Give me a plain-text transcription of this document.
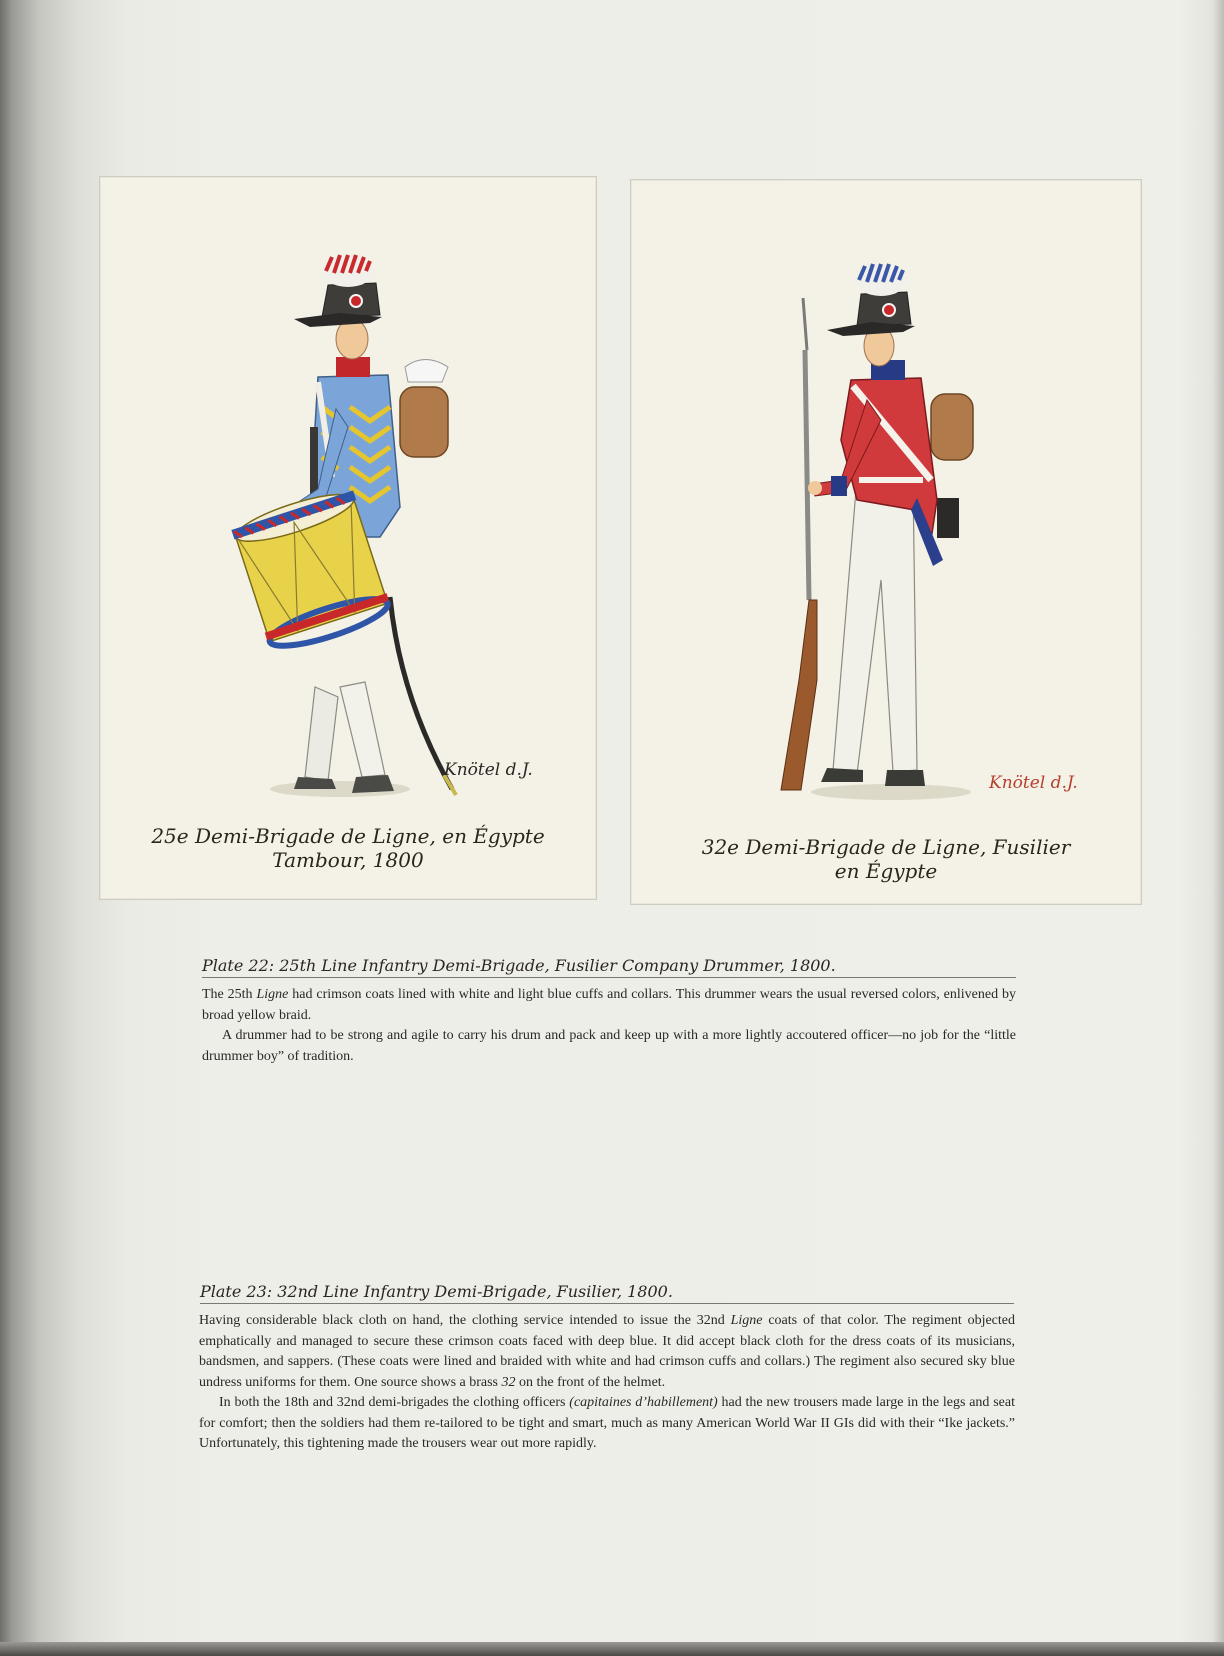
Knötel d.J.
25e Demi-Brigade de Ligne, en Égypte
Tambour, 1800
Knötel d.J.
32e Demi-Brigade de Ligne, Fusilier
en Égypte
Plate 22: 25th Line Infantry Demi-Brigade, Fusilier Company Drummer, 1800.

The 25th Ligne had crimson coats lined with white and light blue cuffs and collars. This drummer wears the usual reversed colors, enlivened by broad yellow braid.

A drummer had to be strong and agile to carry his drum and pack and keep up with a more lightly accoutered officer—no job for the “little drummer boy” of tradition.

Plate 23: 32nd Line Infantry Demi-Brigade, Fusilier, 1800.

Having considerable black cloth on hand, the clothing service intended to issue the 32nd Ligne coats of that color. The regiment objected emphatically and managed to secure these crimson coats faced with deep blue. It did accept black cloth for the dress coats of its musicians, bandsmen, and sappers. (These coats were lined and braided with white and had crimson cuffs and collars.) The regiment also secured sky blue undress uniforms for them. One source shows a brass 32 on the front of the helmet.

In both the 18th and 32nd demi-brigades the clothing officers (capitaines d’habillement) had the new trousers made large in the legs and seat for comfort; then the soldiers had them re-tailored to be tight and smart, much as many American World War II GIs did with their “Ike jackets.” Unfortunately, this tightening made the trousers wear out more rapidly.
